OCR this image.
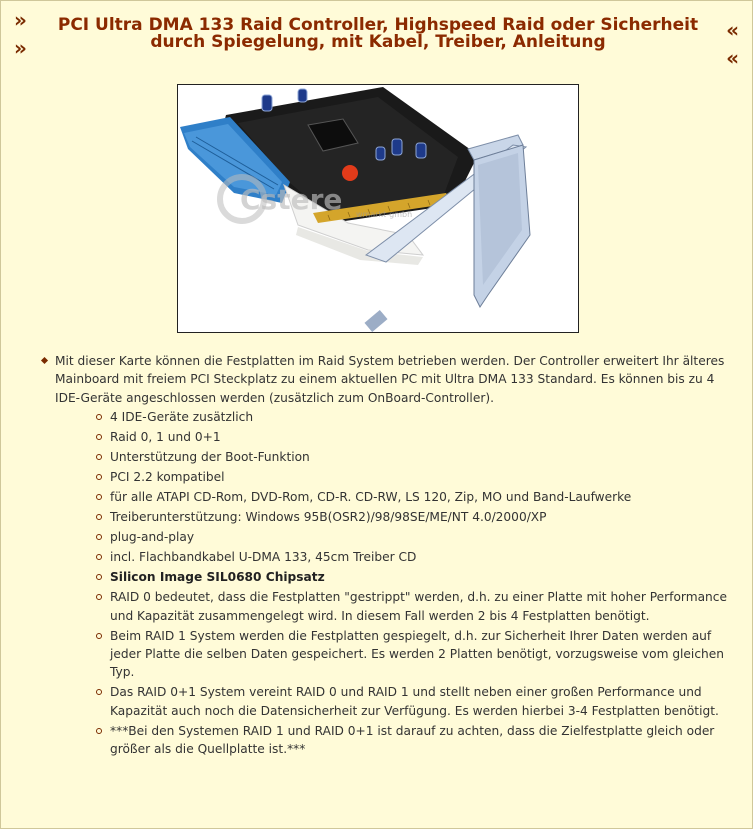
»
»
«
«
PCI Ultra DMA 133 Raid Controller, Highspeed Raid oder Sicherheit
durch Spiegelung, mit Kabel, Treiber, Anleitung
Cstere wmarkt-gmbh
Mit dieser Karte können die Festplatten im Raid System betrieben werden. Der Controller erweitert Ihr älteres Mainboard mit freiem PCI Steckplatz zu einem aktuellen PC mit Ultra DMA 133 Standard. Es können bis zu 4 IDE-Geräte angeschlossen werden (zusätzlich zum OnBoard-Controller).
4 IDE-Geräte zusätzlich
Raid 0, 1 und 0+1
Unterstützung der Boot-Funktion
PCI 2.2 kompatibel
für alle ATAPI CD-Rom, DVD-Rom, CD-R. CD-RW, LS 120, Zip, MO und Band-Laufwerke
Treiberunterstützung: Windows 95B(OSR2)/98/98SE/ME/NT 4.0/2000/XP
plug-and-play
incl. Flachbandkabel U-DMA 133, 45cm Treiber CD
Silicon Image SIL0680 Chipsatz
RAID 0 bedeutet, dass die Festplatten "gestrippt" werden, d.h. zu einer Platte mit hoher Performance und Kapazität zusammengelegt wird. In diesem Fall werden 2 bis 4 Festplatten benötigt.
Beim RAID 1 System werden die Festplatten gespiegelt, d.h. zur Sicherheit Ihrer Daten werden auf jeder Platte die selben Daten gespeichert. Es werden 2 Platten benötigt, vorzugsweise vom gleichen Typ.
Das RAID 0+1 System vereint RAID 0 und RAID 1 und stellt neben einer großen Performance und Kapazität auch noch die Datensicherheit zur Verfügung. Es werden hierbei 3-4 Festplatten benötigt.
***Bei den Systemen RAID 1 und RAID 0+1 ist darauf zu achten, dass die Zielfestplatte gleich oder größer als die Quellplatte ist.***
